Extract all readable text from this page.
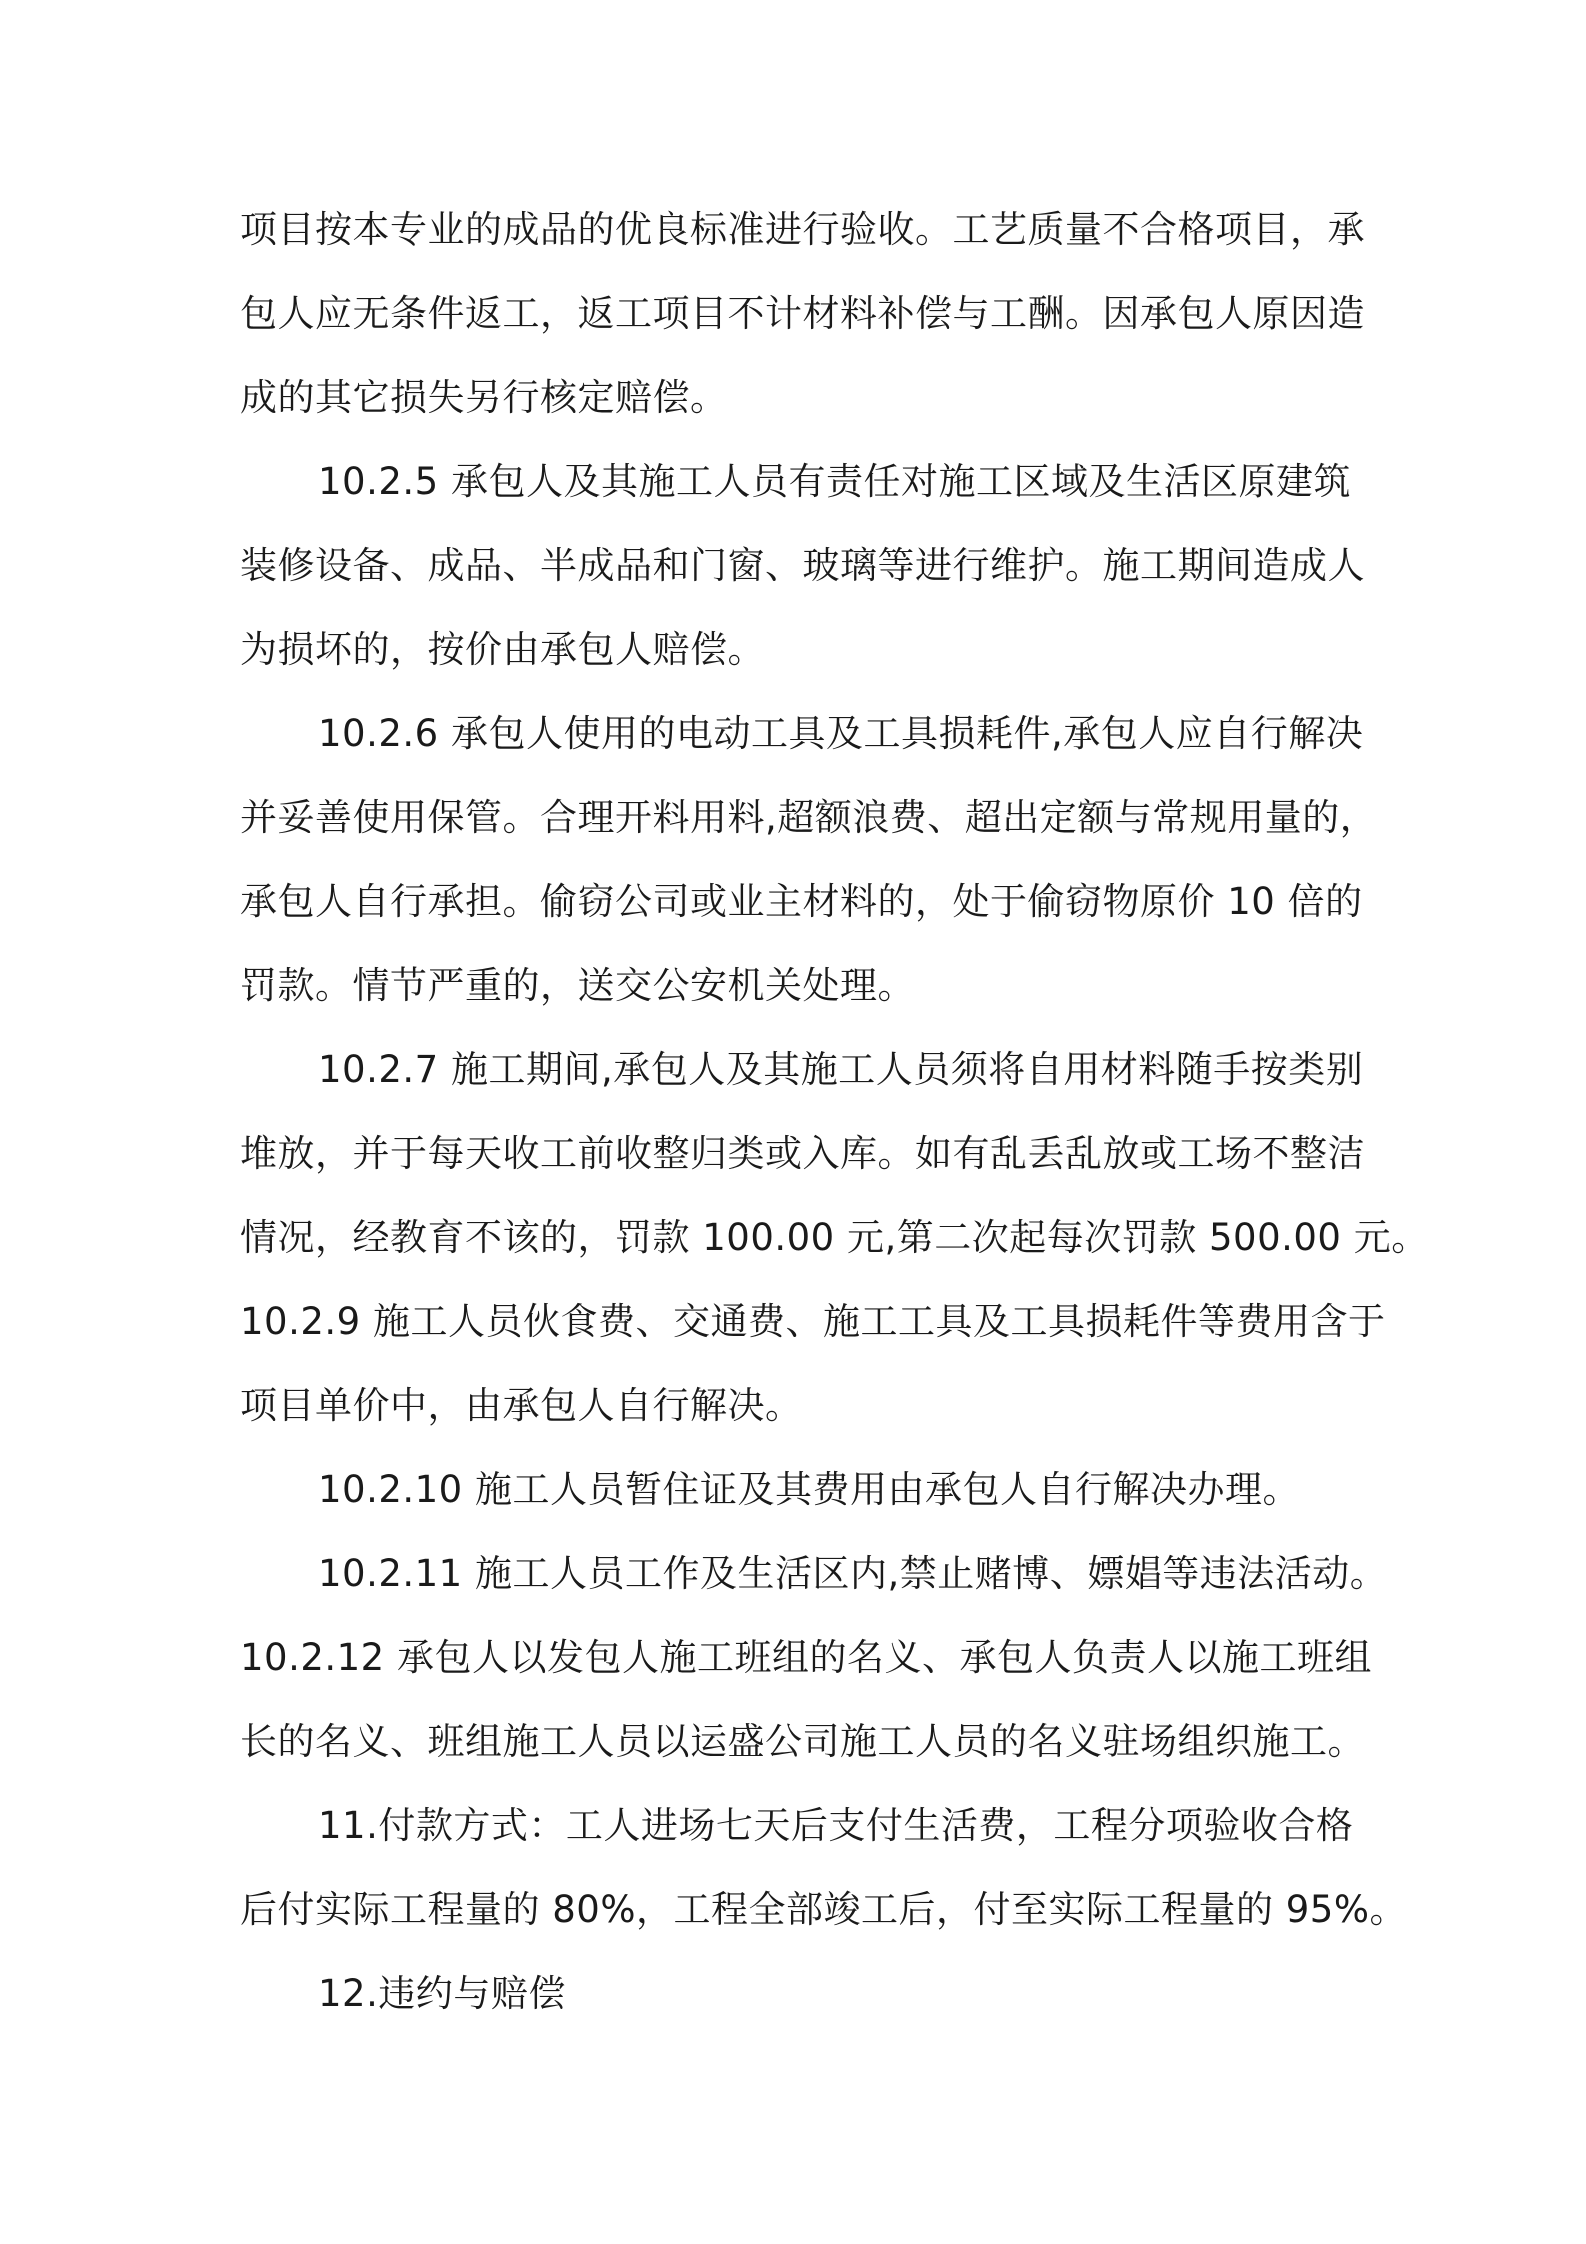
项目按本专业的成品的优良标准进行验收。工艺质量不合格项目，承
包人应无条件返工，返工项目不计材料补偿与工酬。因承包人原因造
成的其它损失另行核定赔偿。
10.2.5 承包人及其施工人员有责任对施工区域及生活区原建筑
装修设备、成品、半成品和门窗、玻璃等进行维护。施工期间造成人
为损坏的，按价由承包人赔偿。
10.2.6 承包人使用的电动工具及工具损耗件,承包人应自行解决
并妥善使用保管。合理开料用料,超额浪费、超出定额与常规用量的，
承包人自行承担。偷窃公司或业主材料的，处于偷窃物原价 10 倍的
罚款。情节严重的，送交公安机关处理。
10.2.7 施工期间,承包人及其施工人员须将自用材料随手按类别
堆放，并于每天收工前收整归类或入库。如有乱丢乱放或工场不整洁
情况，经教育不该的，罚款 100.00 元,第二次起每次罚款 500.00 元。
10.2.9 施工人员伙食费、交通费、施工工具及工具损耗件等费用含于
项目单价中，由承包人自行解决。
10.2.10 施工人员暂住证及其费用由承包人自行解决办理。
10.2.11 施工人员工作及生活区内,禁止赌博、嫖娼等违法活动。
10.2.12 承包人以发包人施工班组的名义、承包人负责人以施工班组
长的名义、班组施工人员以运盛公司施工人员的名义驻场组织施工。
11.付款方式：工人进场七天后支付生活费，工程分项验收合格
后付实际工程量的 80%，工程全部竣工后，付至实际工程量的 95%。
12.违约与赔偿
